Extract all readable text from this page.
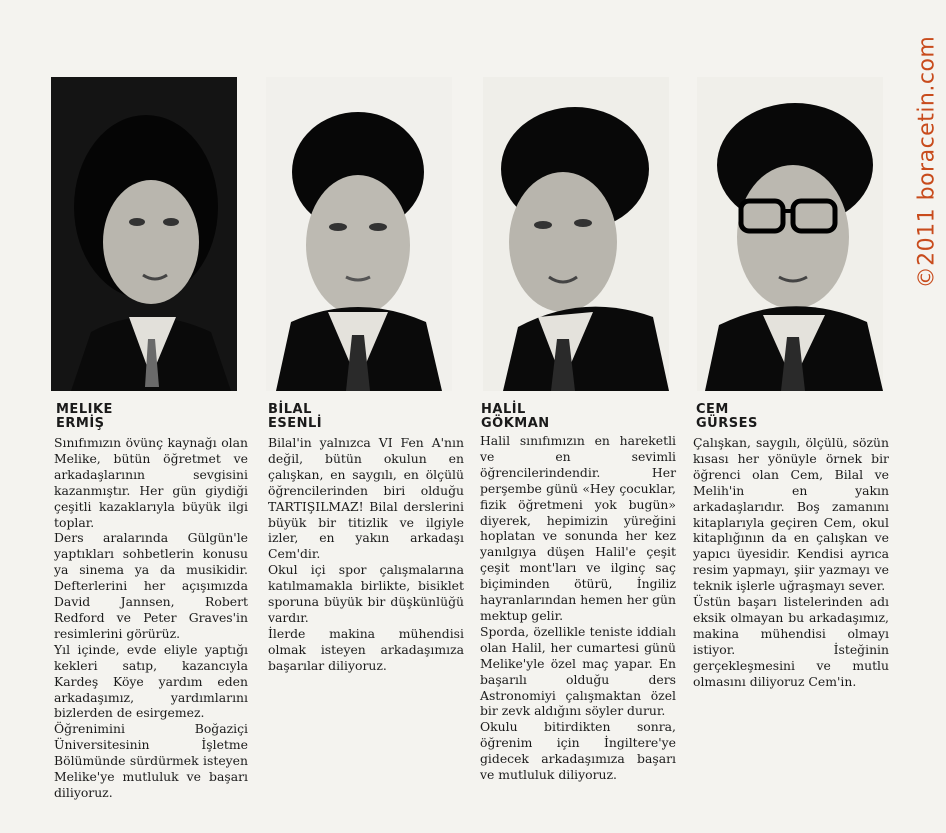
©2011 boracetin.com
MELIKE
ERMİŞ

Sınıfımızın övünç kaynağı olan Melike, bütün öğretmet ve arkadaşlarının sevgisini kazanmıştır. Her gün giydiği çeşitli kazaklarıyla büyük ilgi toplar.

Ders aralarında Gülgün'le yaptıkları sohbetlerin konusu ya sinema ya da musikidir. Defterlerini her açışımızda David Jannsen, Robert Redford ve Peter Graves'in resimlerini görürüz.

Yıl içinde, evde eliyle yaptığı kekleri satıp, kazancıyla Kardeş Köye yardım eden arkadaşımız, yardımlarını bizlerden de esirgemez.

Öğrenimini Boğaziçi Üniversitesinin İşletme Bölümünde sürdürmek isteyen Melike'ye mutluluk ve başarı diliyoruz.

BİLAL
ESENLİ

Bilal'in yalnızca VI Fen A'nın değil, bütün okulun en çalışkan, en saygılı, en ölçülü öğrencilerinden biri olduğu TARTIŞILMAZ! Bilal derslerini büyük bir titizlik ve ilgiyle izler, en yakın arkadaşı Cem'dir.

Okul içi spor çalışmalarına katılmamakla birlikte, bisiklet sporuna büyük bir düşkünlüğü vardır.

İlerde makina mühendisi olmak isteyen arkadaşımıza başarılar diliyoruz.

HALİL
GÖKMAN

Halil sınıfımızın en hareketli ve en sevimli öğrencilerindendir. Her perşembe günü «Hey çocuklar, fizik öğretmeni yok bugün» diyerek, hepimizin yüreğini hoplatan ve sonunda her kez yanılgıya düşen Halil'e çeşit çeşit mont'ları ve ilginç saç biçiminden ötürü, İngiliz hayranlarından hemen her gün mektup gelir.

Sporda, özellikle teniste iddialı olan Halil, her cumartesi günü Melike'yle özel maç yapar. En başarılı olduğu ders Astronomiyi çalışmaktan özel bir zevk aldığını söyler durur.

Okulu bitirdikten sonra, öğrenim için İngiltere'ye gidecek arkadaşımıza başarı ve mutluluk diliyoruz.

CEM
GÜRSES

Çalışkan, saygılı, ölçülü, sözün kısası her yönüyle örnek bir öğrenci olan Cem, Bilal ve Melih'in en yakın arkadaşlarıdır. Boş zamanını kitaplarıyla geçiren Cem, okul kitaplığının da en çalışkan ve yapıcı üyesidir. Kendisi ayrıca resim yapmayı, şiir yazmayı ve teknik işlerle uğraşmayı sever.

Üstün başarı listelerinden adı eksik olmayan bu arkadaşımız, makina mühendisi olmayı istiyor. İsteğinin gerçekleşmesini ve mutlu olmasını diliyoruz Cem'in.
